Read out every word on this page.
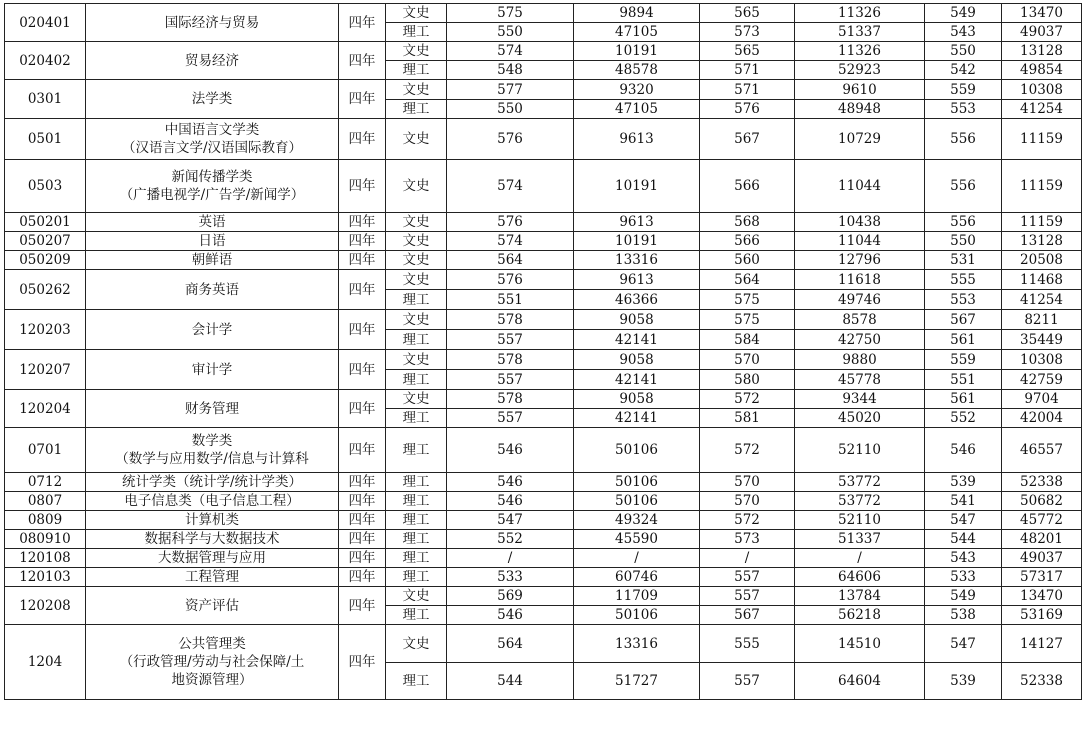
020401	国际经济与贸易	四年	文史	575	9894	565	11326	549	13470
			理工	550	47105	573	51337	543	49037
020402	贸易经济	四年	文史	574	10191	565	11326	550	13128
			理工	548	48578	571	52923	542	49854
0301	法学类	四年	文史	577	9320	571	9610	559	10308
			理工	550	47105	576	48948	553	41254
0501	中国语言文学类
（汉语言文学/汉语国际教育）	四年	文史	576	9613	567	10729	556	11159
0503	新闻传播学类
（广播电视学/广告学/新闻学）	四年	文史	574	10191	566	11044	556	11159
050201	英语	四年	文史	576	9613	568	10438	556	11159
050207	日语	四年	文史	574	10191	566	11044	550	13128
050209	朝鲜语	四年	文史	564	13316	560	12796	531	20508
050262	商务英语	四年	文史	576	9613	564	11618	555	11468
			理工	551	46366	575	49746	553	41254
120203	会计学	四年	文史	578	9058	575	8578	567	8211
			理工	557	42141	584	42750	561	35449
120207	审计学	四年	文史	578	9058	570	9880	559	10308
			理工	557	42141	580	45778	551	42759
120204	财务管理	四年	文史	578	9058	572	9344	561	9704
			理工	557	42141	581	45020	552	42004
0701	数学类
（数学与应用数学/信息与计算科	四年	理工	546	50106	572	52110	546	46557
0712	统计学类（统计学/统计学类）	四年	理工	546	50106	570	53772	539	52338
0807	电子信息类（电子信息工程）	四年	理工	546	50106	570	53772	541	50682
0809	计算机类	四年	理工	547	49324	572	52110	547	45772
080910	数据科学与大数据技术	四年	理工	552	45590	573	51337	544	48201
120108	大数据管理与应用	四年	理工	/	/	/	/	543	49037
120103	工程管理	四年	理工	533	60746	557	64606	533	57317
120208	资产评估	四年	文史	569	11709	557	13784	549	13470
			理工	546	50106	567	56218	538	53169
1204	公共管理类
（行政管理/劳动与社会保障/土
地资源管理）	四年	文史	564	13316	555	14510	547	14127
			理工	544	51727	557	64604	539	52338
